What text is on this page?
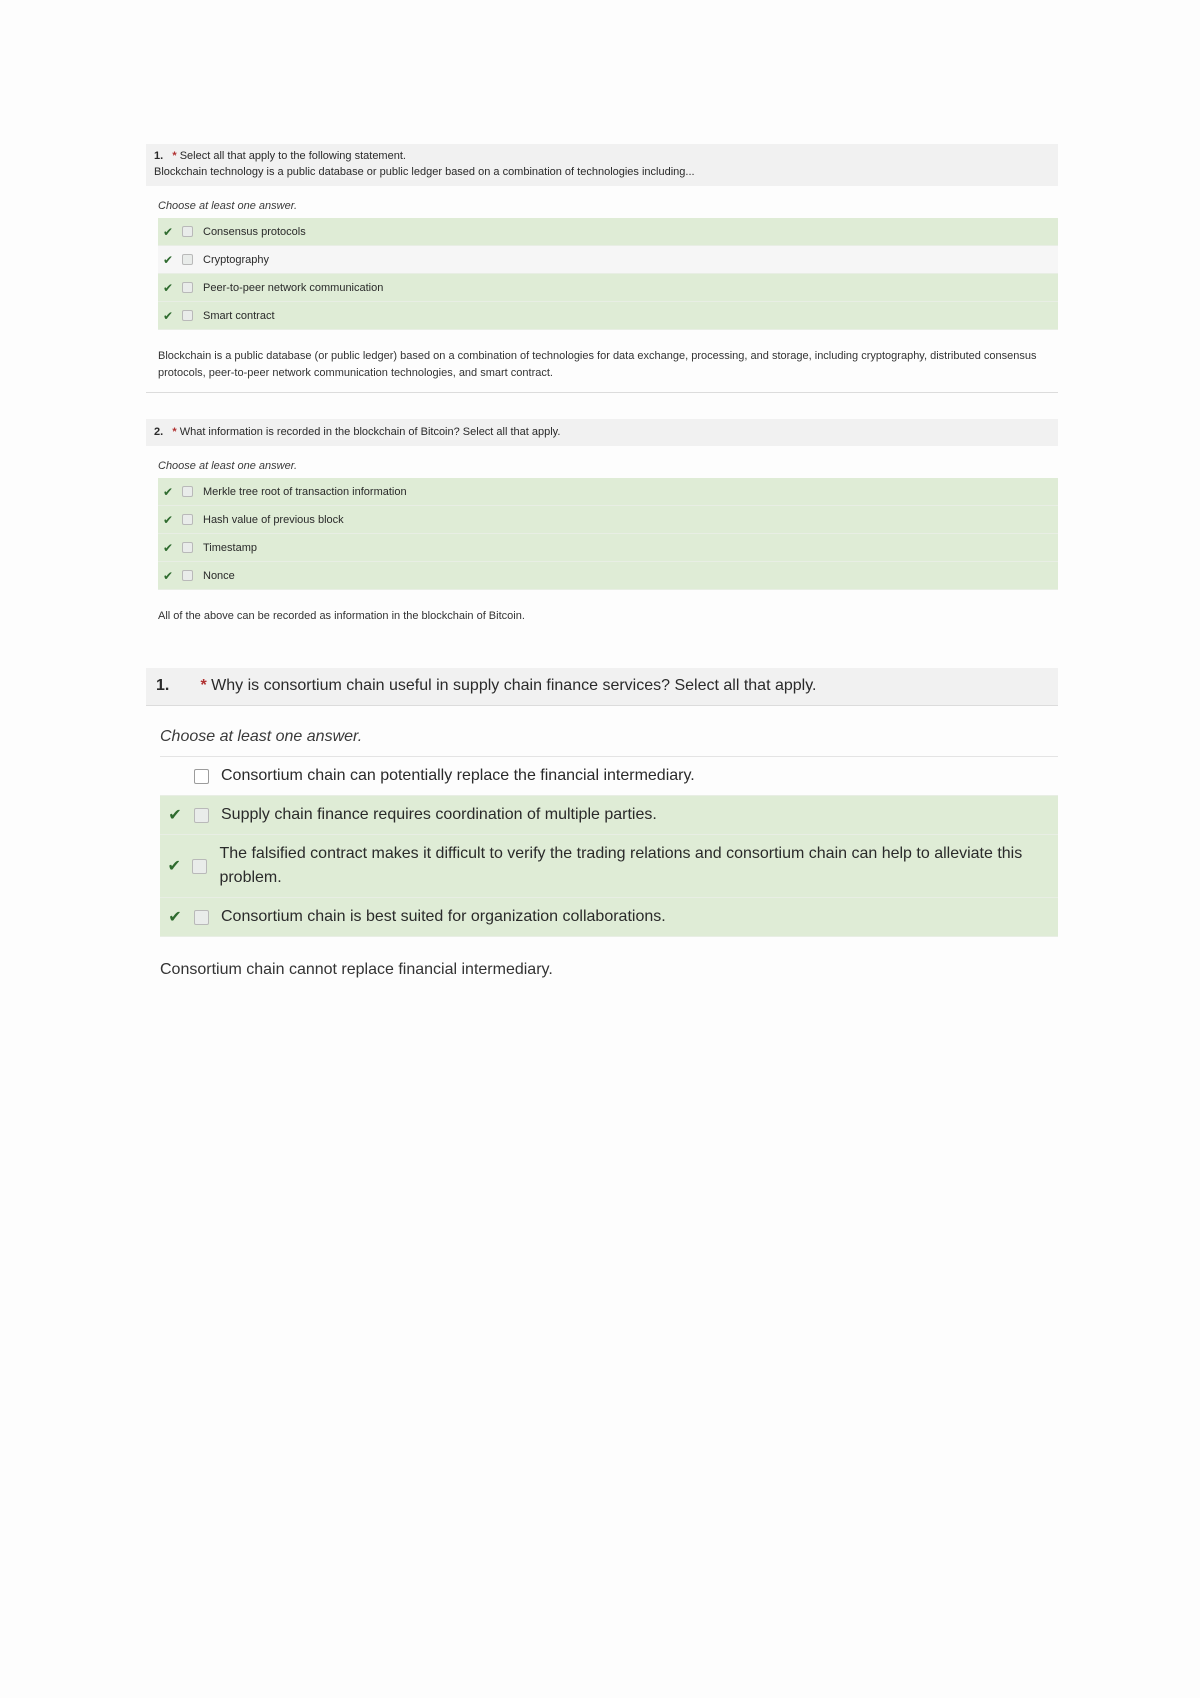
1. * Select all that apply to the following statement.
Blockchain technology is a public database or public ledger based on a combination of technologies including...
Choose at least one answer.
✔	Consensus protocols
✔	Cryptography
✔	Peer-to-peer network communication
✔	Smart contract
Blockchain is a public database (or public ledger) based on a combination of technologies for data exchange, processing, and storage, including cryptography, distributed consensus protocols, peer-to-peer network communication technologies, and smart contract.
2. * What information is recorded in the blockchain of Bitcoin? Select all that apply.
Choose at least one answer.
✔	Merkle tree root of transaction information
✔	Hash value of previous block
✔	Timestamp
✔	Nonce
All of the above can be recorded as information in the blockchain of Bitcoin.
1. * Why is consortium chain useful in supply chain finance services? Select all that apply.
Choose at least one answer.
Consortium chain can potentially replace the financial intermediary.
✔	Supply chain finance requires coordination of multiple parties.
✔
The falsified contract makes it difficult to verify the trading relations and consortium chain can help to alleviate this problem.
✔	Consortium chain is best suited for organization collaborations.
Consortium chain cannot replace financial intermediary.
